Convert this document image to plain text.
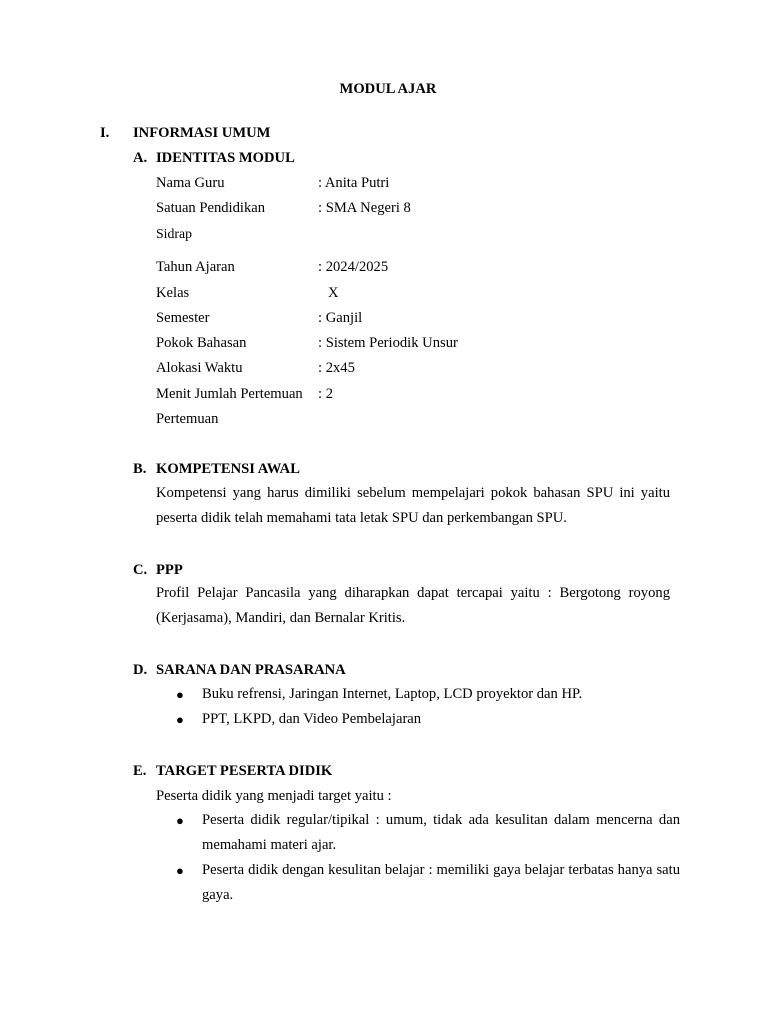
MODUL AJAR
I. INFORMASI UMUM
A. IDENTITAS MODUL
Nama Guru	: Anita Putri
Satuan Pendidikan	: SMA Negeri 8
Sidrap
Tahun Ajaran	: 2024/2025
Kelas	X
Semester	: Ganjil
Pokok Bahasan	: Sistem Periodik Unsur
Alokasi Waktu	: 2x45
Menit Jumlah Pertemuan : 2
Pertemuan
B. KOMPETENSI AWAL
Kompetensi yang harus dimiliki sebelum mempelajari pokok bahasan SPU ini yaitu peserta didik telah memahami tata letak SPU dan perkembangan SPU.
C. PPP
Profil Pelajar Pancasila yang diharapkan dapat tercapai yaitu : Bergotong royong (Kerjasama), Mandiri, dan Bernalar Kritis.
D. SARANA DAN PRASARANA
●	Buku refrensi, Jaringan Internet, Laptop, LCD proyektor dan HP.
●	PPT, LKPD, dan Video Pembelajaran
E. TARGET PESERTA DIDIK
Peserta didik yang menjadi target yaitu :
●	Peserta didik regular/tipikal : umum, tidak ada kesulitan dalam mencerna dan memahami materi ajar.
●	Peserta didik dengan kesulitan belajar : memiliki gaya belajar terbatas hanya satu gaya.
